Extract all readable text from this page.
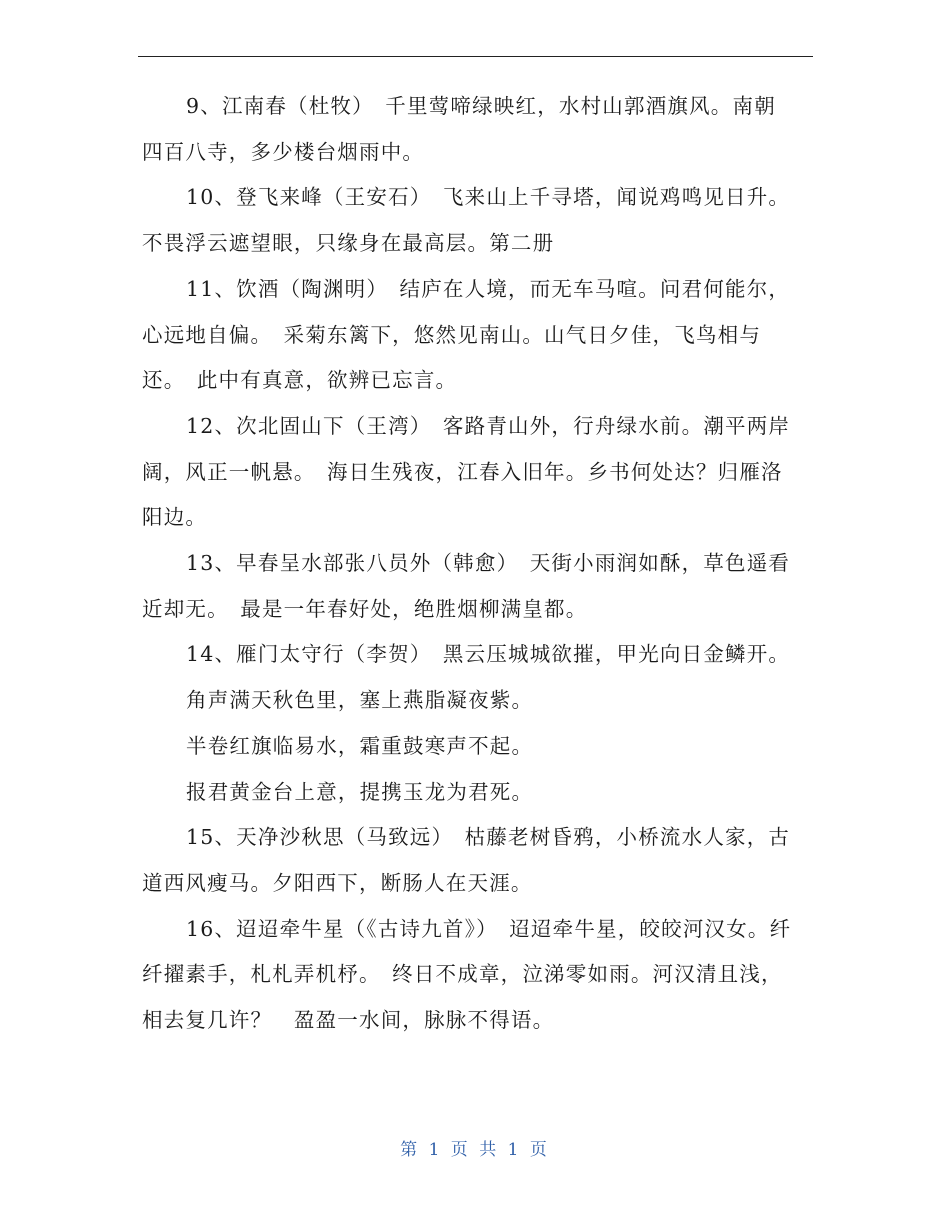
9、江南春（杜牧）　千里莺啼绿映红，水村山郭酒旗风。南朝四百八寺，多少楼台烟雨中。

10、登飞来峰（王安石）　飞来山上千寻塔，闻说鸡鸣见日升。　不畏浮云遮望眼，只缘身在最高层。第二册

11、饮酒（陶渊明）　结庐在人境，而无车马喧。问君何能尔，心远地自偏。　采菊东篱下，悠然见南山。山气日夕佳，飞鸟相与还。　此中有真意，欲辨已忘言。

12、次北固山下（王湾）　客路青山外，行舟绿水前。潮平两岸阔，风正一帆悬。　海日生残夜，江春入旧年。乡书何处达？归雁洛阳边。

13、早春呈水部张八员外（韩愈）　天街小雨润如酥，草色遥看近却无。　最是一年春好处，绝胜烟柳满皇都。

14、雁门太守行（李贺）　黑云压城城欲摧，甲光向日金鳞开。

角声满天秋色里，塞上燕脂凝夜紫。

半卷红旗临易水，霜重鼓寒声不起。

报君黄金台上意，提携玉龙为君死。

15、天净沙秋思（马致远）　枯藤老树昏鸦，小桥流水人家，古道西风瘦马。夕阳西下，断肠人在天涯。

16、迢迢牵牛星（《古诗九首》）　迢迢牵牛星，皎皎河汉女。纤纤擢素手，札札弄机杼。　终日不成章，泣涕零如雨。河汉清且浅，相去复几许？　盈盈一水间，脉脉不得语。

第 1 页 共 1 页
